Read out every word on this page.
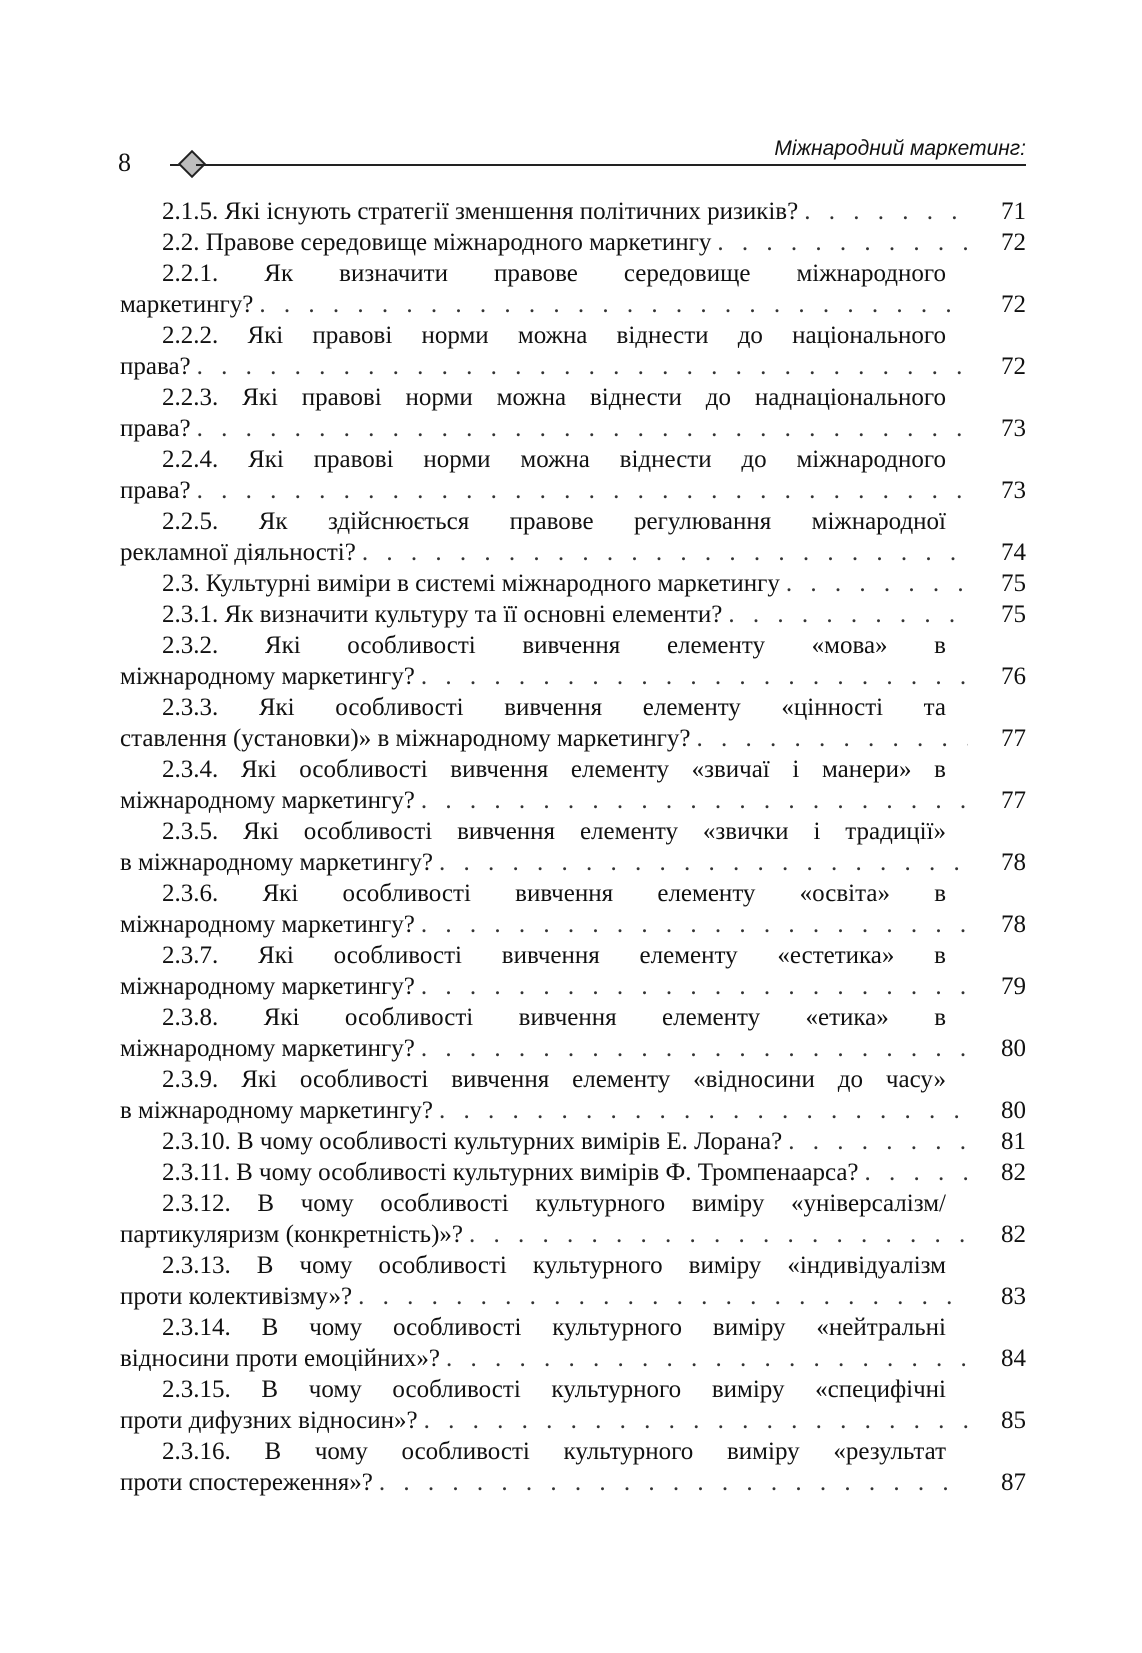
8	Міжнародний маркетинг:
2.1.5. Які існують стратегії зменшення політичних ризиків? . . .	71
2.2. Правове середовище міжнародного маркетингу . . .	72
2.2.1. Як визначити правове середовище міжнародного
маркетингу? . . .	72
2.2.2. Які правові норми можна віднести до національного
права? . . .	72
2.2.3. Які правові норми можна віднести до наднаціонального
права? . . .	73
2.2.4. Які правові норми можна віднести до міжнародного
права? . . .	73
2.2.5. Як здійснюється правове регулювання міжнародної
рекламної діяльності? . . .	74
2.3. Культурні виміри в системі міжнародного маркетингу . . .	75
2.3.1. Як визначити культуру та її основні елементи? . . .	75
2.3.2. Які особливості вивчення елементу «мова» в
міжнародному маркетингу? . . .	76
2.3.3. Які особливості вивчення елементу «цінності та
ставлення (установки)» в міжнародному маркетингу? . . .	77
2.3.4. Які особливості вивчення елементу «звичаї і манери» в
міжнародному маркетингу? . . .	77
2.3.5. Які особливості вивчення елементу «звички і традиції»
в міжнародному маркетингу? . . .	78
2.3.6. Які особливості вивчення елементу «освіта» в
міжнародному маркетингу? . . .	78
2.3.7. Які особливості вивчення елементу «естетика» в
міжнародному маркетингу? . . .	79
2.3.8. Які особливості вивчення елементу «етика» в
міжнародному маркетингу? . . .	80
2.3.9. Які особливості вивчення елементу «відносини до часу»
в міжнародному маркетингу? . . .	80
2.3.10. В чому особливості культурних вимірів Е. Лорана? . . .	81
2.3.11. В чому особливості культурних вимірів Ф. Тромпенаарса? . . .	82
2.3.12. В чому особливості культурного виміру «універсалізм/
партикуляризм (конкретність)»? . . .	82
2.3.13. В чому особливості культурного виміру «індивідуалізм
проти колективізму»? . . .	83
2.3.14. В чому особливості культурного виміру «нейтральні
відносини проти емоційних»? . . .	84
2.3.15. В чому особливості культурного виміру «специфічні
проти дифузних відносин»? . . .	85
2.3.16. В чому особливості культурного виміру «результат
проти спостереження»? . . .	87
